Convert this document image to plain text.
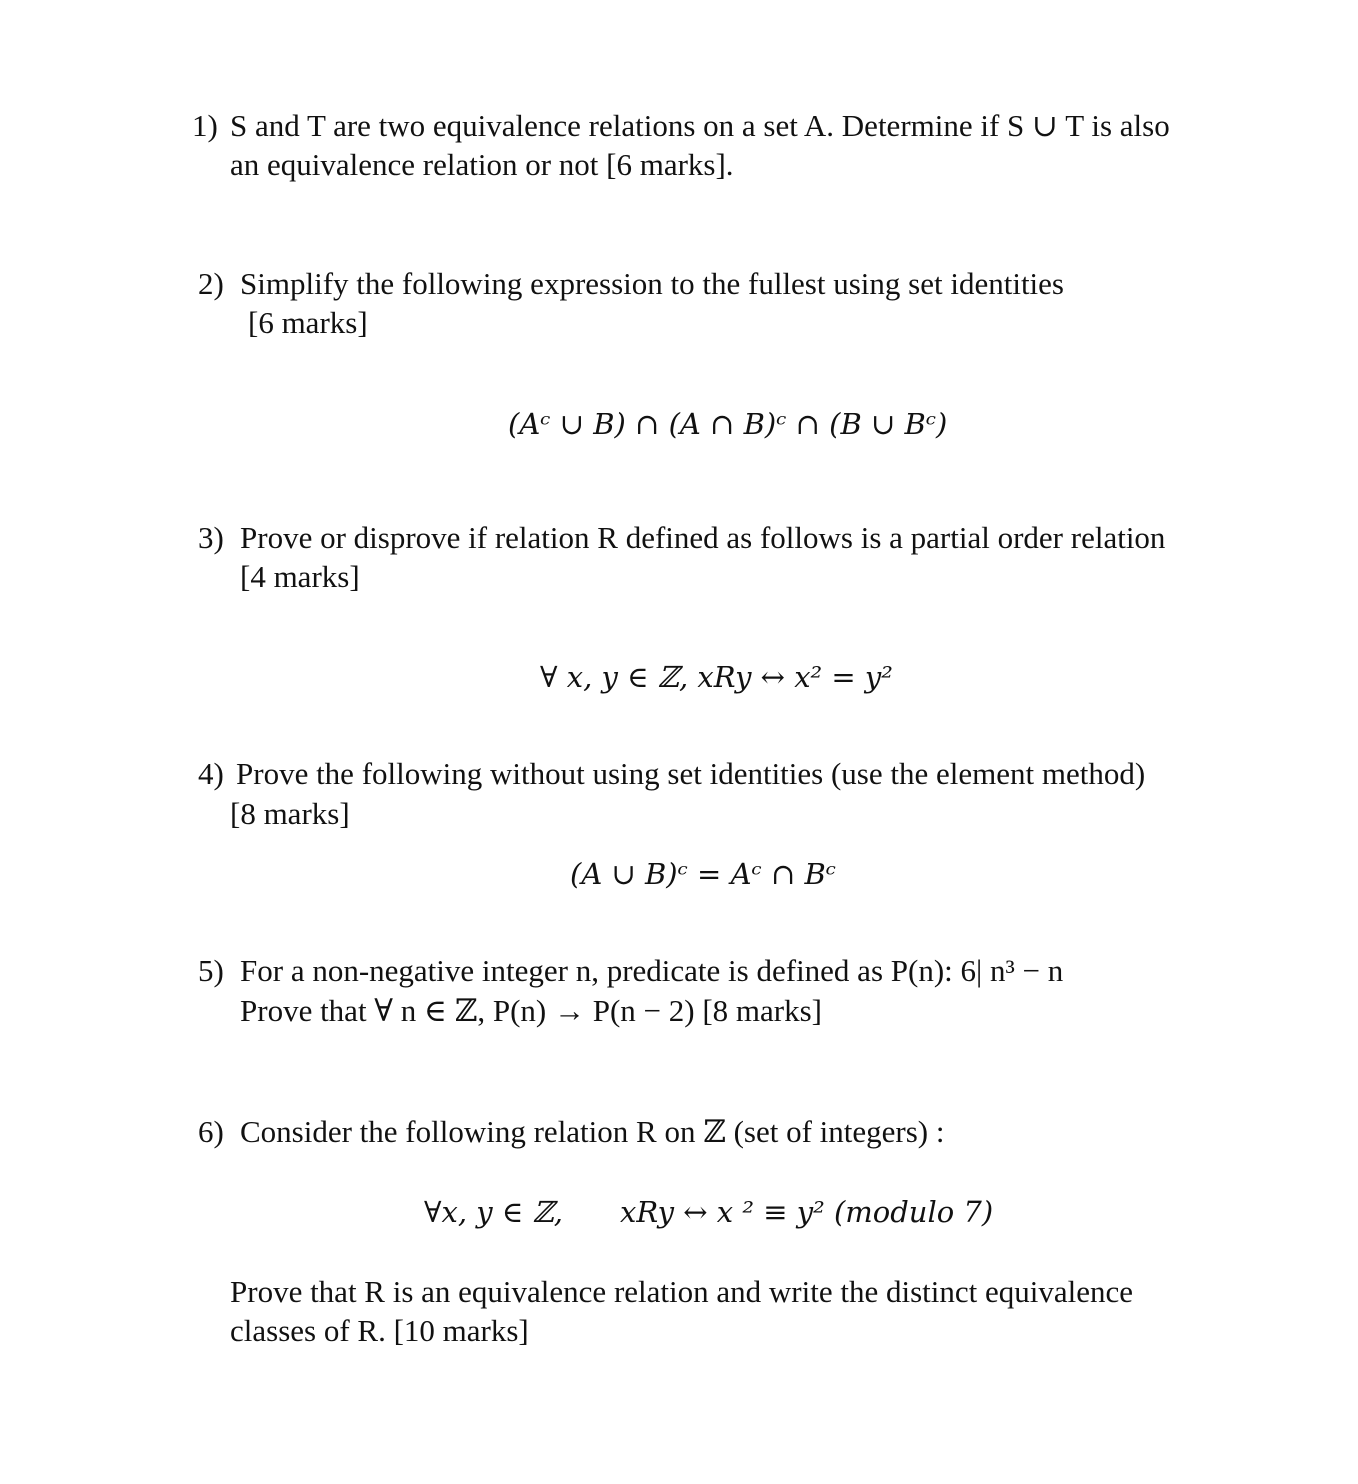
1) S and T are two equivalence relations on a set A. Determine if S ∪ T is also
an equivalence relation or not [6 marks].
2) Simplify the following expression to the fullest using set identities
[6 marks]
(Aᶜ ∪ B) ∩ (A ∩ B)ᶜ ∩ (B ∪ Bᶜ)
3) Prove or disprove if relation R defined as follows is a partial order relation
[4 marks]
∀ x, y ∈ ℤ, xRy ↔ x² = y²
4) Prove the following without using set identities (use the element method)
[8 marks]
(A ∪ B)ᶜ = Aᶜ ∩ Bᶜ
5) For a non-negative integer n, predicate is defined as P(n): 6| n³ − n
Prove that ∀ n ∈ ℤ, P(n) → P(n − 2) [8 marks]
6) Consider the following relation R on ℤ (set of integers) :
∀x, y ∈ ℤ, xRy ↔ x ² ≡ y² (modulo 7)
Prove that R is an equivalence relation and write the distinct equivalence
classes of R. [10 marks]
